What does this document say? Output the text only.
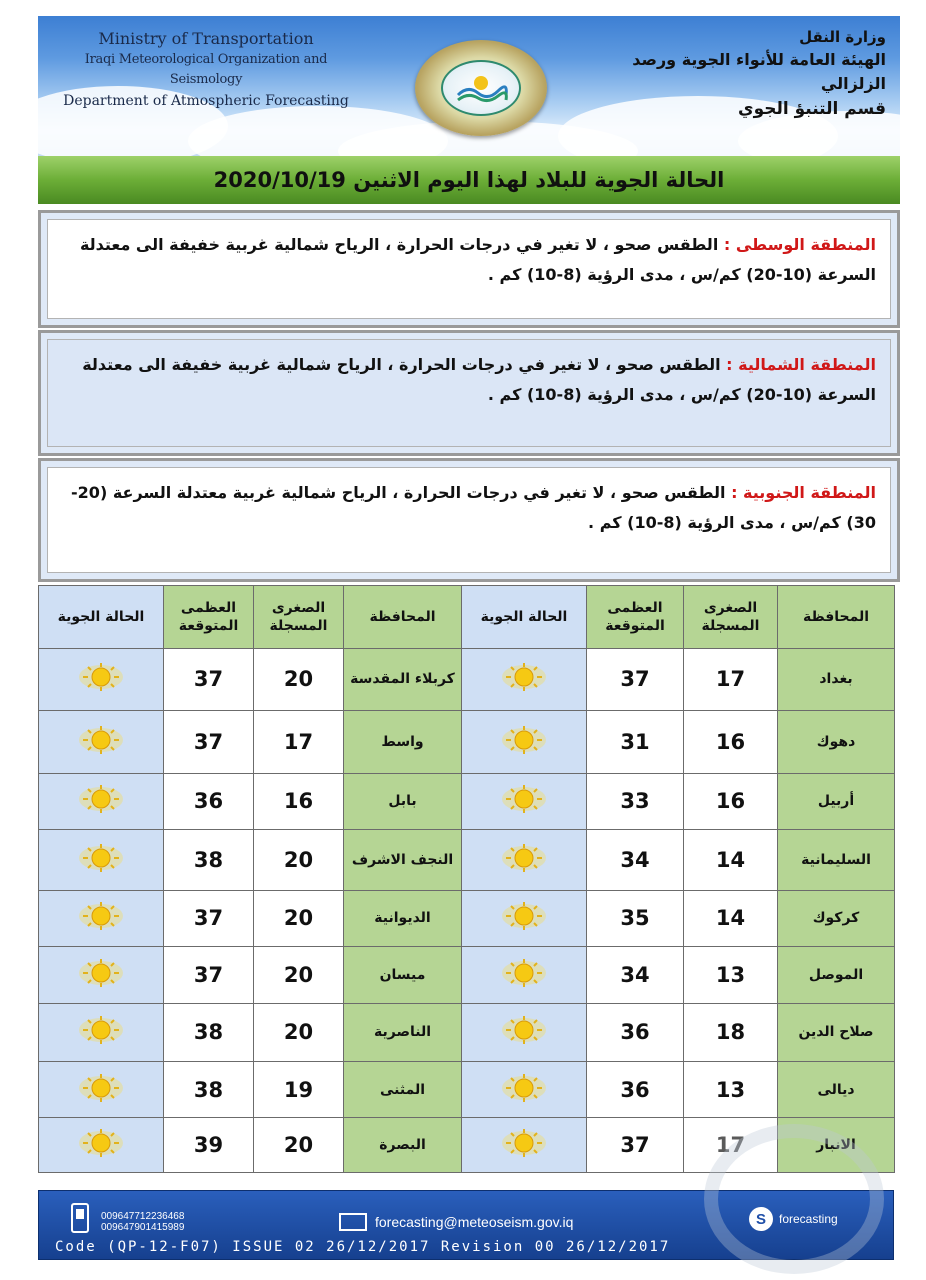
Ministry of Transportation
Iraqi Meteorological Organization and Seismology
Department of Atmospheric Forecasting
وزارة النقل
الهيئة العامة للأنواء الجوية ورصد الزلزالي
قسم التنبؤ الجوي
الحالة الجوية للبلاد لهذا اليوم الاثنين 2020/10/19

المنطقة الوسطى : الطقس صحو ، لا تغير في درجات الحرارة ، الرياح شمالية غربية خفيفة الى معتدلة السرعة (10-20) كم/س ، مدى الرؤية (8-10) كم .

المنطقة الشمالية : الطقس صحو ، لا تغير في درجات الحرارة ، الرياح شمالية غربية خفيفة الى معتدلة السرعة (10-20) كم/س ، مدى الرؤية (8-10) كم .

المنطقة الجنوبية : الطقس صحو ، لا تغير في درجات الحرارة ، الرياح شمالية غربية معتدلة السرعة (20-30) كم/س ، مدى الرؤية (8-10) كم .

الحالة الجوية	العظمى المتوقعة	الصغرى المسجلة	المحافظة	الحالة الجوية	العظمى المتوقعة	الصغرى المسجلة	المحافظة

	37	20	كربلاء المقدسة		37	17	بغداد

	37	17	واسط		31	16	دهوك

	36	16	بابل		33	16	أربيل

	38	20	النجف الاشرف		34	14	السليمانية

	37	20	الديوانية		35	14	كركوك

	37	20	ميسان		34	13	الموصل

	38	20	الناصرية		36	18	صلاح الدين

	38	19	المثنى		36	13	ديالى

	39	20	البصرة		37	17	الانبار
009647712236468
009647901415989	forecasting@meteoseism.gov.iq	S	forecasting
Code (QP-12-F07) ISSUE 02 26/12/2017 Revision 00 26/12/2017
